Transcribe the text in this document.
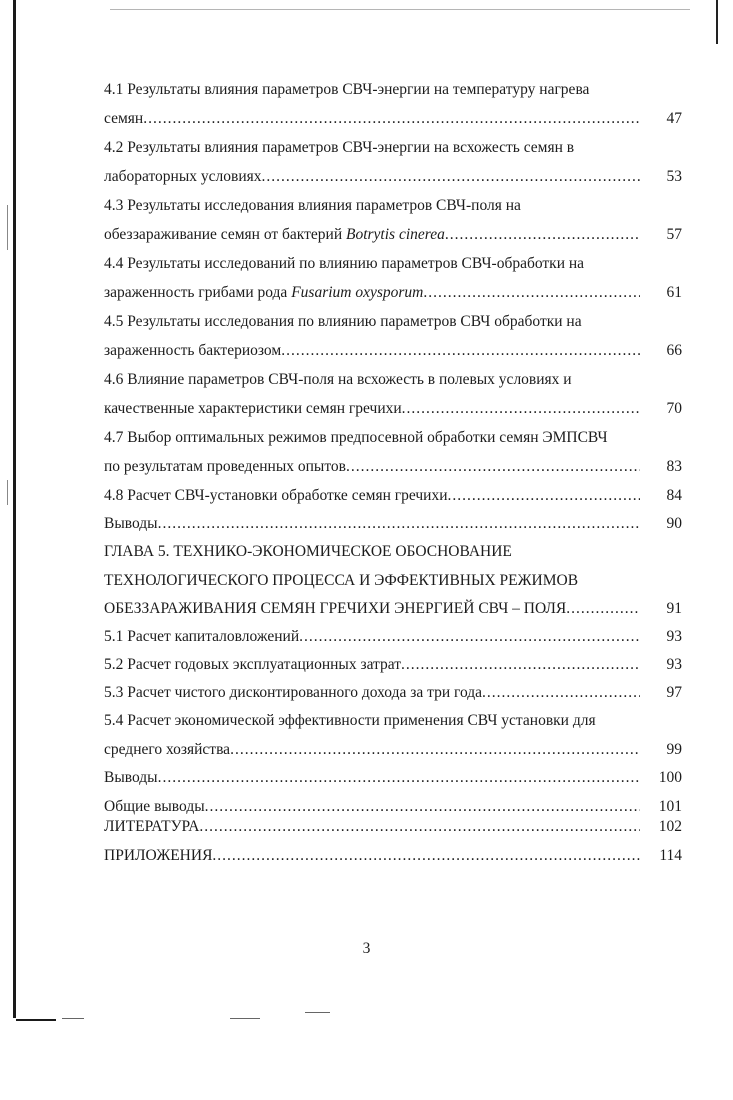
4.1 Результаты влияния параметров СВЧ-энергии на температуру нагрева
семян .....	47
4.2 Результаты влияния параметров СВЧ-энергии на всхожесть семян в
лабораторных условиях .....	53
4.3 Результаты исследования влияния параметров СВЧ-поля на
обеззараживание семян от бактерий Botrytis cinerea .....	57
4.4 Результаты исследований по влиянию параметров СВЧ-обработки на
зараженность грибами рода Fusarium oxysporum .....	61
4.5 Результаты исследования по влиянию параметров СВЧ обработки на
зараженность бактериозом .....	66
4.6 Влияние параметров СВЧ-поля на всхожесть в полевых условиях и
качественные характеристики семян гречихи .....	70
4.7 Выбор оптимальных режимов предпосевной обработки семян ЭМПСВЧ
по результатам проведенных опытов .....	83
4.8 Расчет СВЧ-установки обработке семян гречихи .....	84
Выводы .....	90
ГЛАВА 5. ТЕХНИКО-ЭКОНОМИЧЕСКОЕ ОБОСНОВАНИЕ
ТЕХНОЛОГИЧЕСКОГО ПРОЦЕССА И ЭФФЕКТИВНЫХ РЕЖИМОВ
ОБЕЗЗАРАЖИВАНИЯ СЕМЯН ГРЕЧИХИ ЭНЕРГИЕЙ СВЧ – ПОЛЯ .....	91
5.1 Расчет капиталовложений .....	93
5.2 Расчет годовых эксплуатационных затрат .....	93
5.3 Расчет чистого дисконтированного дохода за три года .....	97
5.4 Расчет экономической эффективности применения СВЧ установки для
среднего хозяйства .....	99
Выводы .....	100
Общие выводы .....	101
ЛИТЕРАТУРА .....	102
ПРИЛОЖЕНИЯ .....	114
3
